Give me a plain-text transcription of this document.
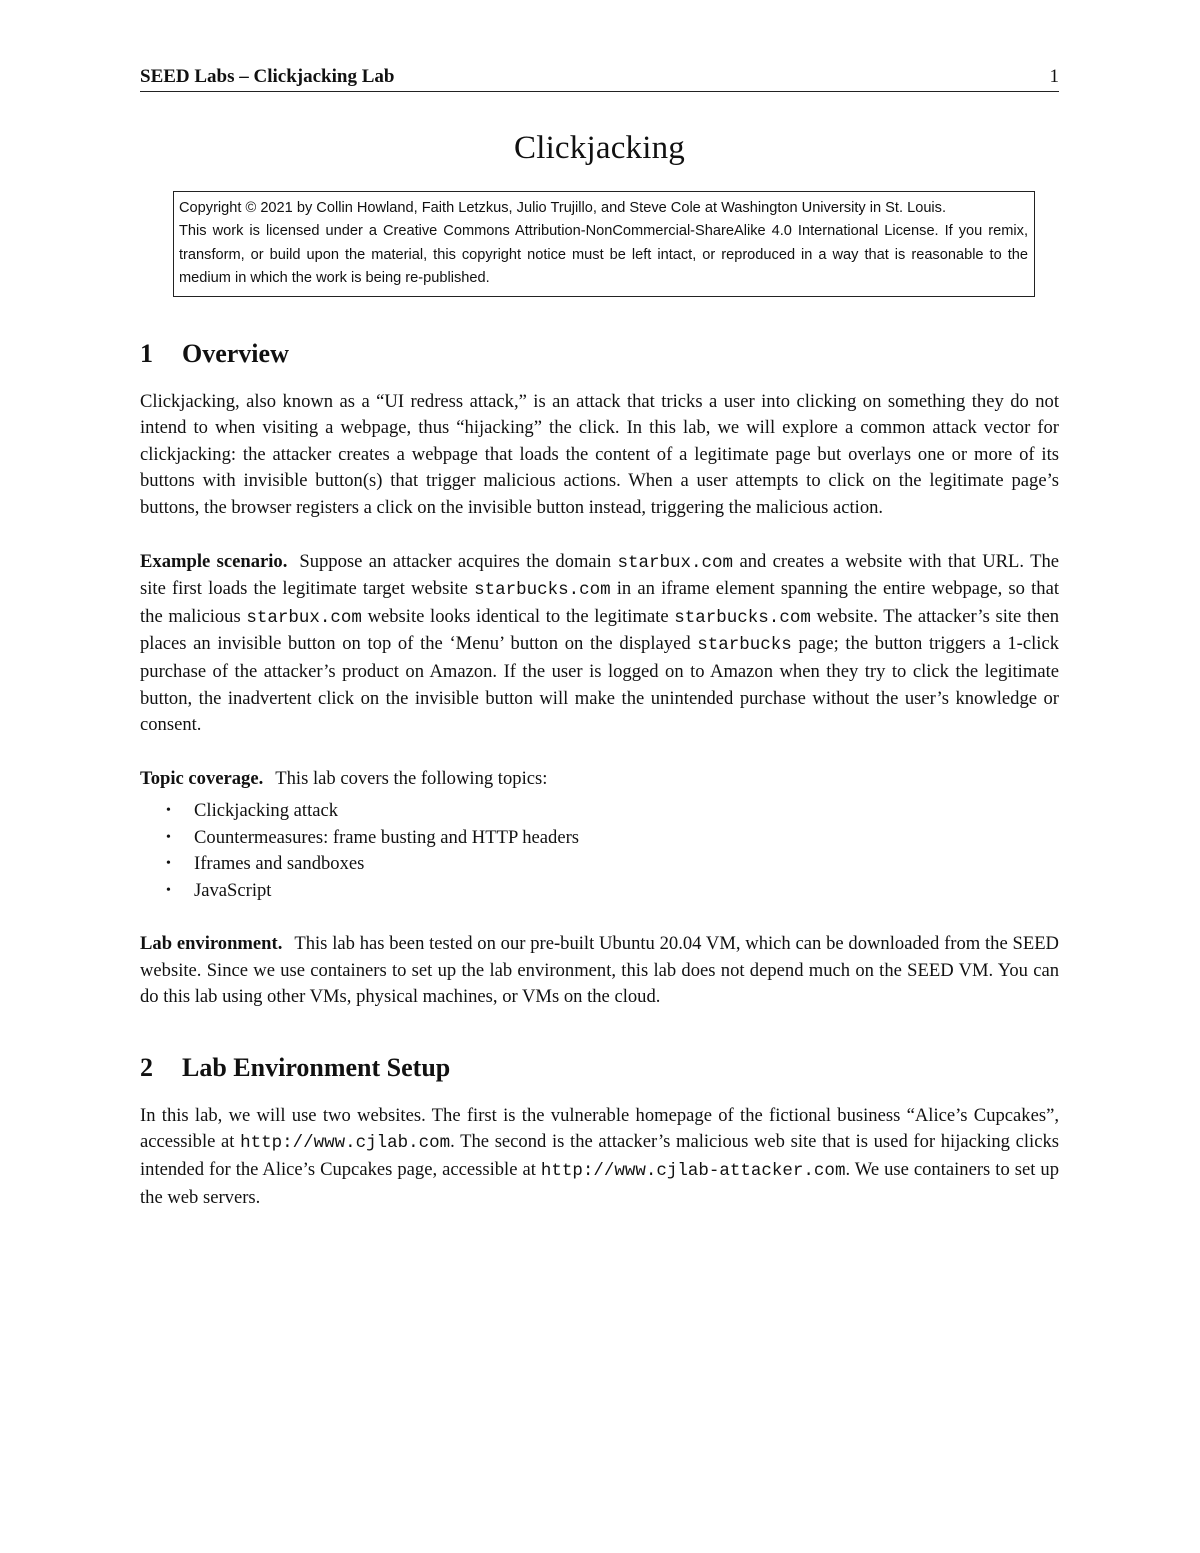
SEED Labs – Clickjacking Lab	1
Clickjacking

Copyright © 2021 by Collin Howland, Faith Letzkus, Julio Trujillo, and Steve Cole at Washington University in St. Louis.

This work is licensed under a Creative Commons Attribution-NonCommercial-ShareAlike 4.0 International License. If you remix, transform, or build upon the material, this copyright notice must be left intact, or reproduced in a way that is reasonable to the medium in which the work is being re-published.

1 Overview

Clickjacking, also known as a “UI redress attack,” is an attack that tricks a user into clicking on something they do not intend to when visiting a webpage, thus “hijacking” the click. In this lab, we will explore a common attack vector for clickjacking: the attacker creates a webpage that loads the content of a legitimate page but overlays one or more of its buttons with invisible button(s) that trigger malicious actions. When a user attempts to click on the legitimate page’s buttons, the browser registers a click on the invisible button instead, triggering the malicious action.

Example scenario. Suppose an attacker acquires the domain starbux.com and creates a website with that URL. The site first loads the legitimate target website starbucks.com in an iframe element spanning the entire webpage, so that the malicious starbux.com website looks identical to the legitimate starbucks.com website. The attacker’s site then places an invisible button on top of the ‘Menu’ button on the displayed starbucks page; the button triggers a 1-click purchase of the attacker’s product on Amazon. If the user is logged on to Amazon when they try to click the legitimate button, the inadvertent click on the invisible button will make the unintended purchase without the user’s knowledge or consent.

Topic coverage. This lab covers the following topics:

• Clickjacking attack
• Countermeasures: frame busting and HTTP headers
• Iframes and sandboxes
• JavaScript

Lab environment. This lab has been tested on our pre-built Ubuntu 20.04 VM, which can be downloaded from the SEED website. Since we use containers to set up the lab environment, this lab does not depend much on the SEED VM. You can do this lab using other VMs, physical machines, or VMs on the cloud.

2 Lab Environment Setup

In this lab, we will use two websites. The first is the vulnerable homepage of the fictional business “Alice’s Cupcakes”, accessible at http://www.cjlab.com. The second is the attacker’s malicious web site that is used for hijacking clicks intended for the Alice’s Cupcakes page, accessible at http://www.cjlab-attacker.com. We use containers to set up the web servers.
